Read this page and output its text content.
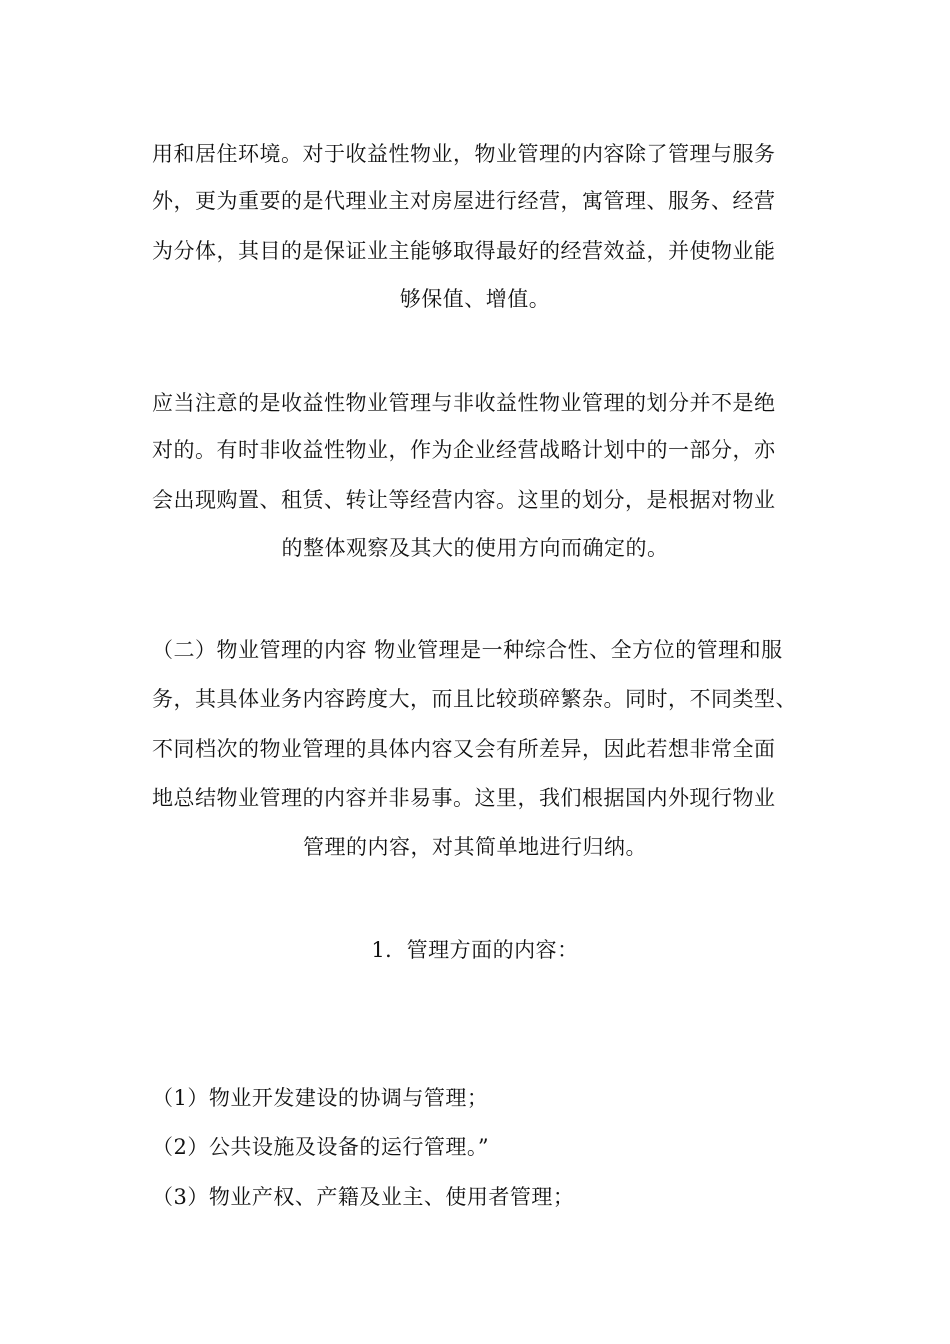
用和居住环境。对于收益性物业，物业管理的内容除了管理与服务
外，更为重要的是代理业主对房屋进行经营，寓管理、服务、经营
为分体，其目的是保证业主能够取得最好的经营效益，并使物业能
够保值、增值。
应当注意的是收益性物业管理与非收益性物业管理的划分并不是绝
对的。有时非收益性物业，作为企业经营战略计划中的一部分，亦
会出现购置、租赁、转让等经营内容。这里的划分，是根据对物业
的整体观察及其大的使用方向而确定的。
（二）物业管理的内容 物业管理是一种综合性、全方位的管理和服
务，其具体业务内容跨度大，而且比较琐碎繁杂。同时，不同类型、
不同档次的物业管理的具体内容又会有所差异，因此若想非常全面
地总结物业管理的内容并非易事。这里，我们根据国内外现行物业
管理的内容，对其简单地进行归纳。
1．管理方面的内容：
（1）物业开发建设的协调与管理；
（2）公共设施及设备的运行管理。”
（3）物业产权、产籍及业主、使用者管理；
